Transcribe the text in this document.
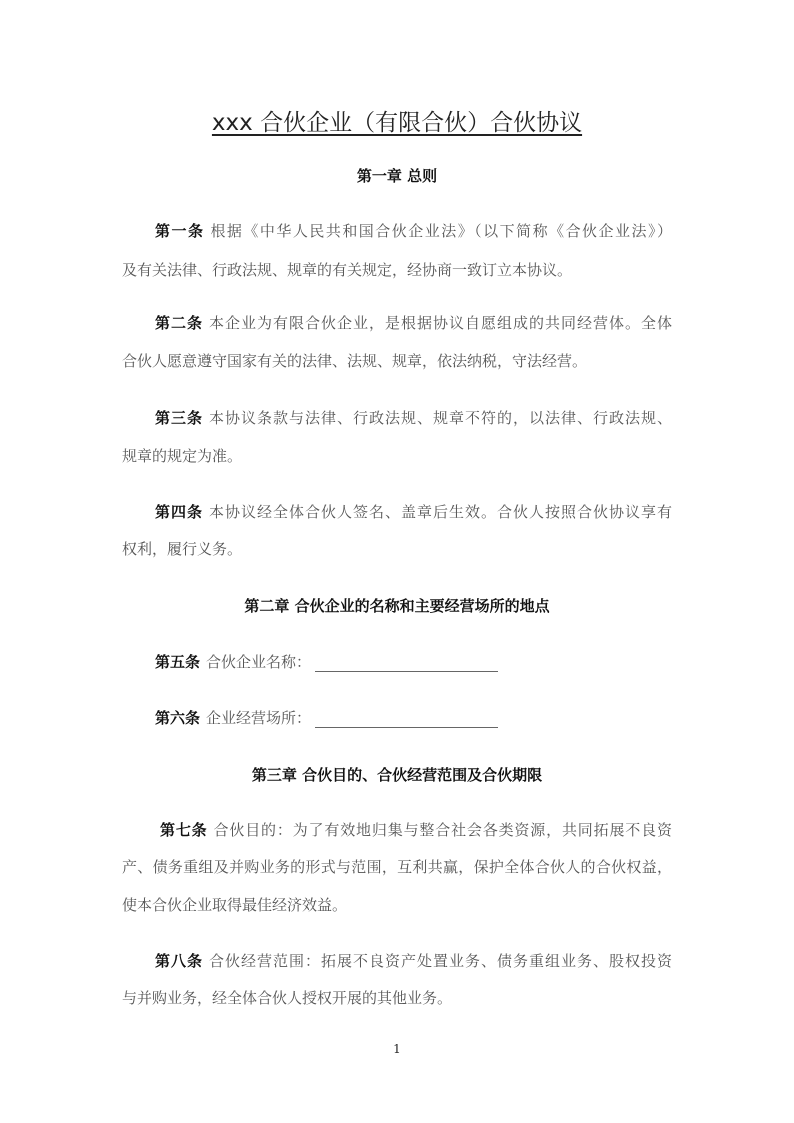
xxx 合伙企业（有限合伙）合伙协议
第一章 总则
第一条 根据《中华人民共和国合伙企业法》（以下简称《合伙企业法》）
及有关法律、行政法规、规章的有关规定，经协商一致订立本协议。
第二条 本企业为有限合伙企业，是根据协议自愿组成的共同经营体。全体
合伙人愿意遵守国家有关的法律、法规、规章，依法纳税，守法经营。
第三条 本协议条款与法律、行政法规、规章不符的，以法律、行政法规、
规章的规定为准。
第四条 本协议经全体合伙人签名、盖章后生效。合伙人按照合伙协议享有
权利，履行义务。
第二章 合伙企业的名称和主要经营场所的地点
第五条 合伙企业名称：
第六条 企业经营场所：
第三章 合伙目的、合伙经营范围及合伙期限
第七条 合伙目的：为了有效地归集与整合社会各类资源，共同拓展不良资
产、债务重组及并购业务的形式与范围，互利共赢，保护全体合伙人的合伙权益，
使本合伙企业取得最佳经济效益。
第八条 合伙经营范围：拓展不良资产处置业务、债务重组业务、股权投资
与并购业务，经全体合伙人授权开展的其他业务。
1
